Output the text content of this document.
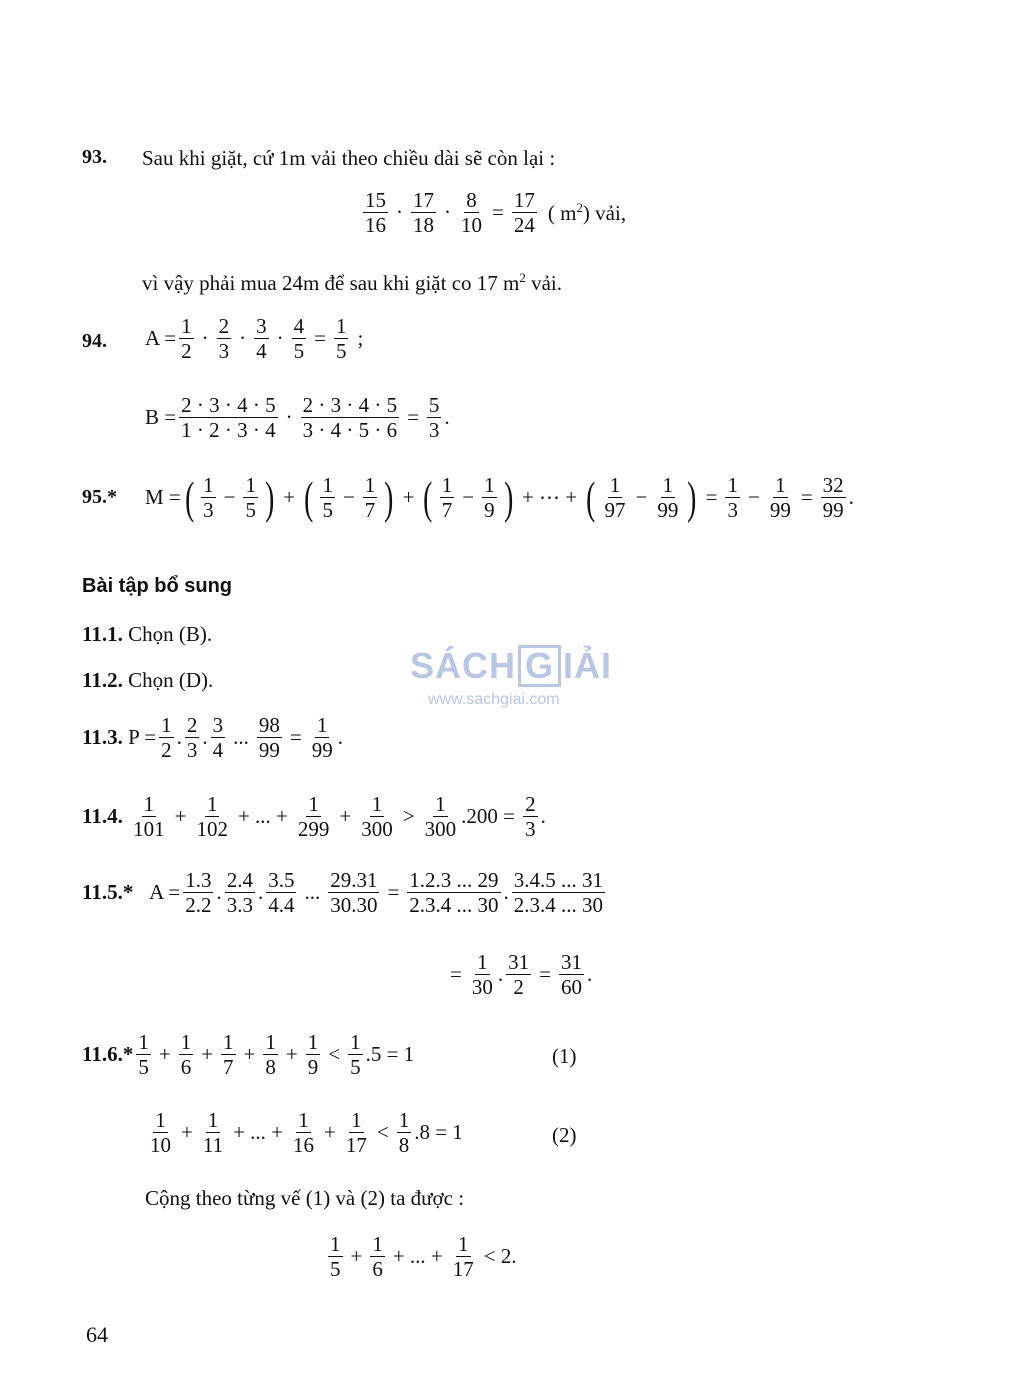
93. Sau khi giặt, cứ 1m vải theo chiều dài sẽ còn lại :
$\frac{15}{16} \cdot \frac{17}{18} \cdot \frac{8}{10} = \frac{17}{24}$ ( $m^2$) vải,
vì vậy phải mua 24m để sau khi giặt co 17 $m^2$ vải.
94. $A = \frac{1}{2} \cdot \frac{2}{3} \cdot \frac{3}{4} \cdot \frac{4}{5} = \frac{1}{5}$ ;
$B = \frac{2 \cdot 3 \cdot 4 \cdot 5}{1 \cdot 2 \cdot 3 \cdot 4} \cdot \frac{2 \cdot 3 \cdot 4 \cdot 5}{3 \cdot 4 \cdot 5 \cdot 6} = \frac{5}{3}$ .
95.* M = ( $\frac{1}{3} - \frac{1}{5}$ ) + ( $\frac{1}{5} - \frac{1}{7}$ ) + ( $\frac{1}{7} - \frac{1}{9}$ ) + ⋯ + ( $\frac{1}{97} - \frac{1}{99}$ ) = $\frac{1}{3} - \frac{1}{99} = \frac{32}{99}$ .
Bài tập bổ sung
11.1. Chọn (B).
11.2. Chọn (D).
11.3.
$P = \frac{1}{2}$ . $\frac{2}{3}$ . $\frac{3}{4}$ ... $\frac{98}{99} = \frac{1}{99}$ .
11.4.
$\frac{1}{101} + \frac{1}{102}$ + ... + $\frac{1}{299} + \frac{1}{300} > \frac{1}{300} .200$ =
$\frac{2}{3}$ .
11.5.*
$A = \frac{1.3}{2.2}$ . $\frac{2.4}{3.3}$ . $\frac{3.5}{4.4}$ ... $\frac{29.31}{30.30} = \frac{1.2.3 ... 29}{2.3.4 ... 30}$ . $\frac{3.4.5 ... 31}{2.3.4 ... 30}$
= $\frac{1}{30}$ . $\frac{31}{2} = \frac{31}{60}$ .
$11.6.* \frac{1}{5} + \frac{1}{6} + \frac{1}{7} + \frac{1}{8} + \frac{1}{9} < \frac{1}{5} .5 = 1$	(1)
$\frac{1}{10} + \frac{1}{11}$ + ... + $\frac{1}{16} + \frac{1}{17} < \frac{1}{8} .8 = 1$	(2)
Cộng theo từng vế (1) và (2) ta được :
$\frac{1}{5} + \frac{1}{6}$ + ... + $\frac{1}{17} < 2$.
SÁCH G IẢI
www.sachgiai.com
64
